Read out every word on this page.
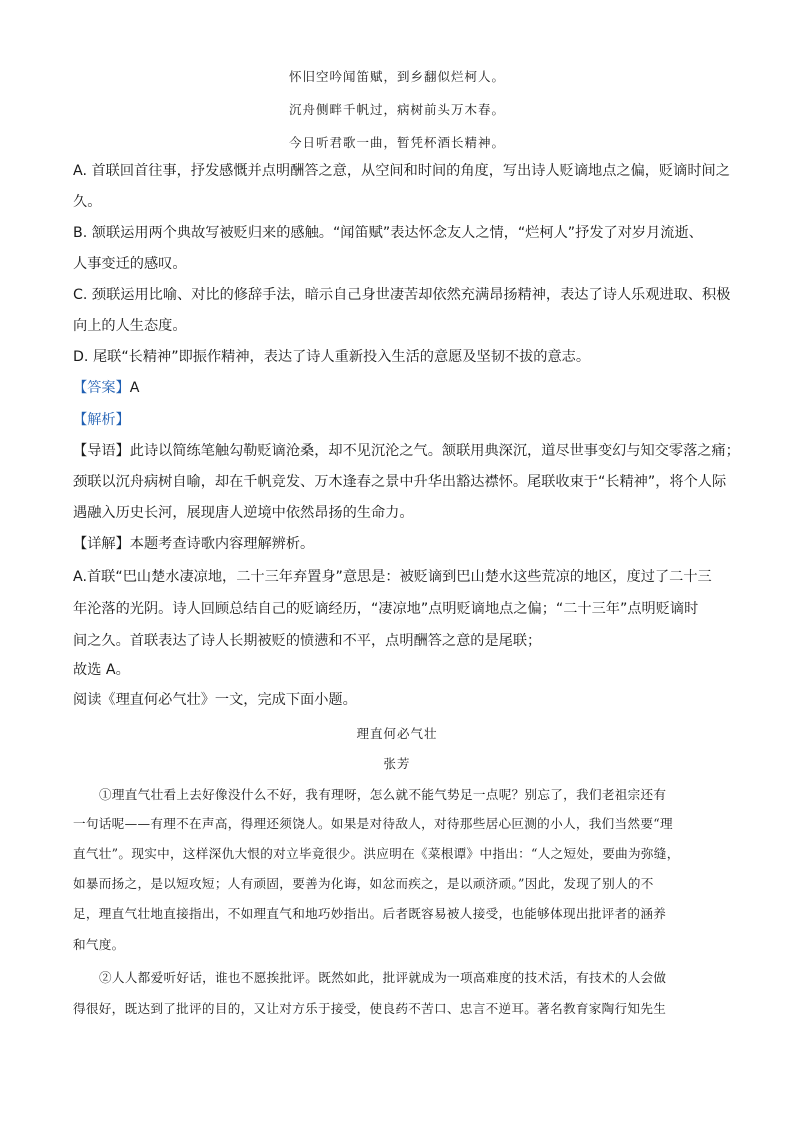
怀旧空吟闻笛赋，到乡翻似烂柯人。
沉舟侧畔千帆过，病树前头万木春。
今日听君歌一曲，暂凭杯酒长精神。
A. 首联回首往事，抒发感慨并点明酬答之意，从空间和时间的角度，写出诗人贬谪地点之偏，贬谪时间之
久。
B. 颔联运用两个典故写被贬归来的感触。“闻笛赋”表达怀念友人之情，“烂柯人”抒发了对岁月流逝、
人事变迁的感叹。
C. 颈联运用比喻、对比的修辞手法，暗示自己身世凄苦却依然充满昂扬精神，表达了诗人乐观进取、积极
向上的人生态度。
D. 尾联“长精神”即振作精神，表达了诗人重新投入生活的意愿及坚韧不拔的意志。
【答案】A
【解析】
【导语】此诗以简练笔触勾勒贬谪沧桑，却不见沉沦之气。颔联用典深沉，道尽世事变幻与知交零落之痛；
颈联以沉舟病树自喻，却在千帆竞发、万木逢春之景中升华出豁达襟怀。尾联收束于“长精神”，将个人际
遇融入历史长河，展现唐人逆境中依然昂扬的生命力。
【详解】本题考查诗歌内容理解辨析。
A.首联“巴山楚水凄凉地，二十三年弃置身”意思是：被贬谪到巴山楚水这些荒凉的地区，度过了二十三
年沦落的光阴。诗人回顾总结自己的贬谪经历，“凄凉地”点明贬谪地点之偏；“二十三年”点明贬谪时
间之久。首联表达了诗人长期被贬的愤懑和不平，点明酬答之意的是尾联；
故选 A。
阅读《理直何必气壮》一文，完成下面小题。
理直何必气壮
张芳
①理直气壮看上去好像没什么不好，我有理呀，怎么就不能气势足一点呢？别忘了，我们老祖宗还有
一句话呢——有理不在声高，得理还须饶人。如果是对待敌人，对待那些居心叵测的小人，我们当然要“理
直气壮”。现实中，这样深仇大恨的对立毕竟很少。洪应明在《菜根谭》中指出：“人之短处，要曲为弥缝，
如暴而扬之，是以短攻短；人有顽固，要善为化诲，如忿而疾之，是以顽济顽。”因此，发现了别人的不
足，理直气壮地直接指出，不如理直气和地巧妙指出。后者既容易被人接受，也能够体现出批评者的涵养
和气度。
②人人都爱听好话，谁也不愿挨批评。既然如此，批评就成为一项高难度的技术活，有技术的人会做
得很好，既达到了批评的目的，又让对方乐于接受，使良药不苦口、忠言不逆耳。著名教育家陶行知先生
